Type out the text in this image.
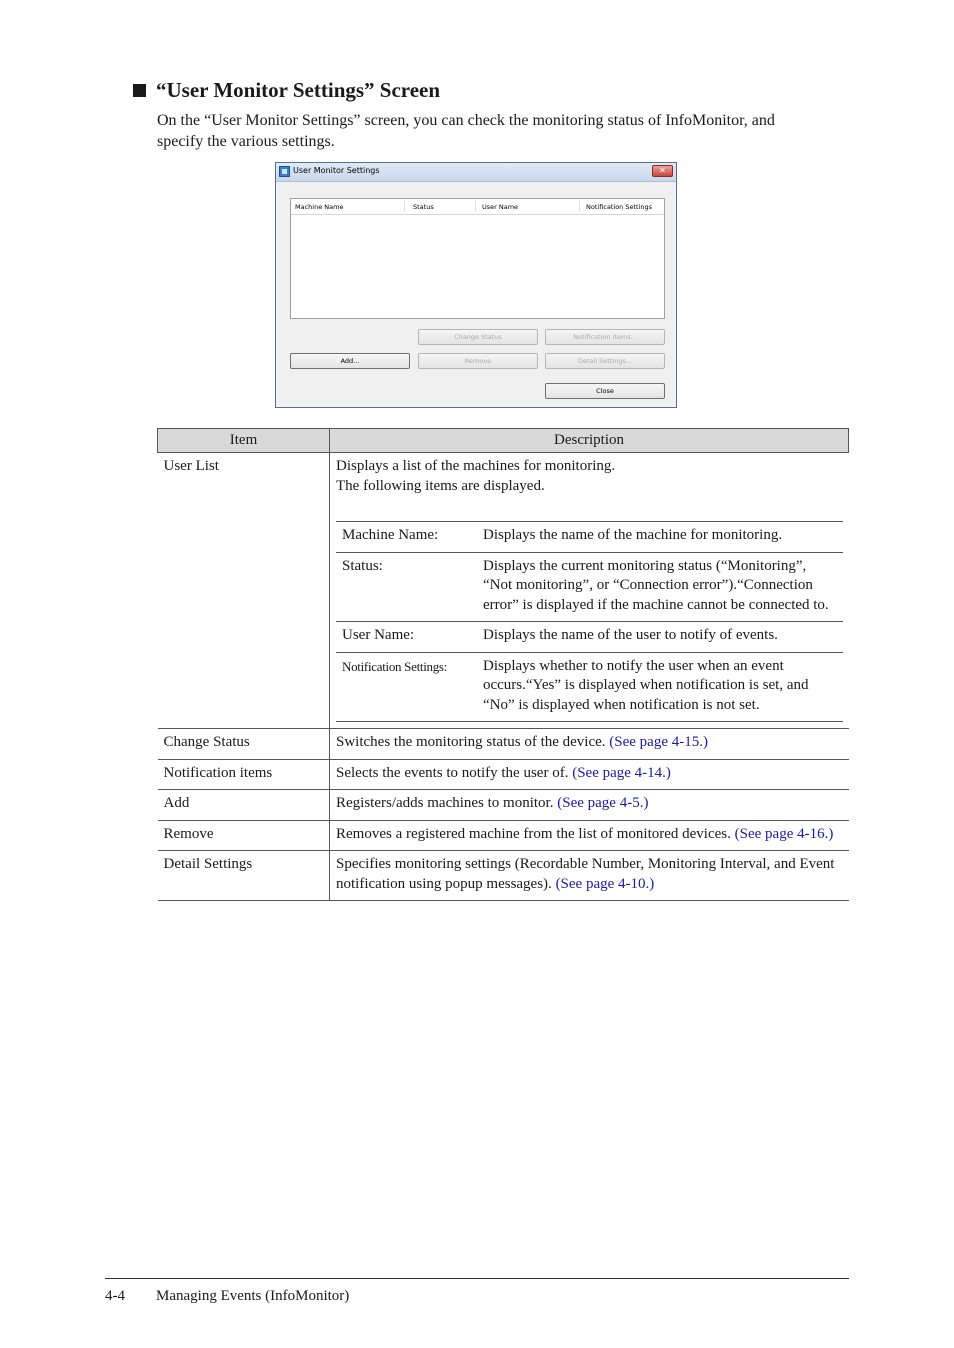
“User Monitor Settings” Screen

On the “User Monitor Settings” screen, you can check the monitoring status of InfoMonitor, and specify the various settings.

User Monitor Settings	✕
Machine Name	Status	User Name	Notification Settings
Change Status	Notification items...
Add...	Remove	Detail Settings...
Close
Item	Description
User List	Displays a list of the machines for monitoring.
The following items are displayed.
Machine Name:	Displays the name of the machine for monitoring.
Status:	Displays the current monitoring status (“Monitoring”, “Not monitoring”, or “Connection error”).“Connection error” is displayed if the machine cannot be connected to.
User Name:	Displays the name of the user to notify of events.
Notification Settings:	Displays whether to notify the user when an event occurs.“Yes” is displayed when notification is set, and “No” is displayed when notification is not set.

Change Status	Switches the monitoring status of the device. (See page 4-15.)
Notification items	Selects the events to notify the user of. (See page 4-14.)
Add	Registers/adds machines to monitor. (See page 4-5.)
Remove	Removes a registered machine from the list of monitored devices. (See page 4-16.)
Detail Settings	Specifies monitoring settings (Recordable Number, Monitoring Interval, and Event notification using popup messages). (See page 4-10.)
4-4	Managing Events (InfoMonitor)
